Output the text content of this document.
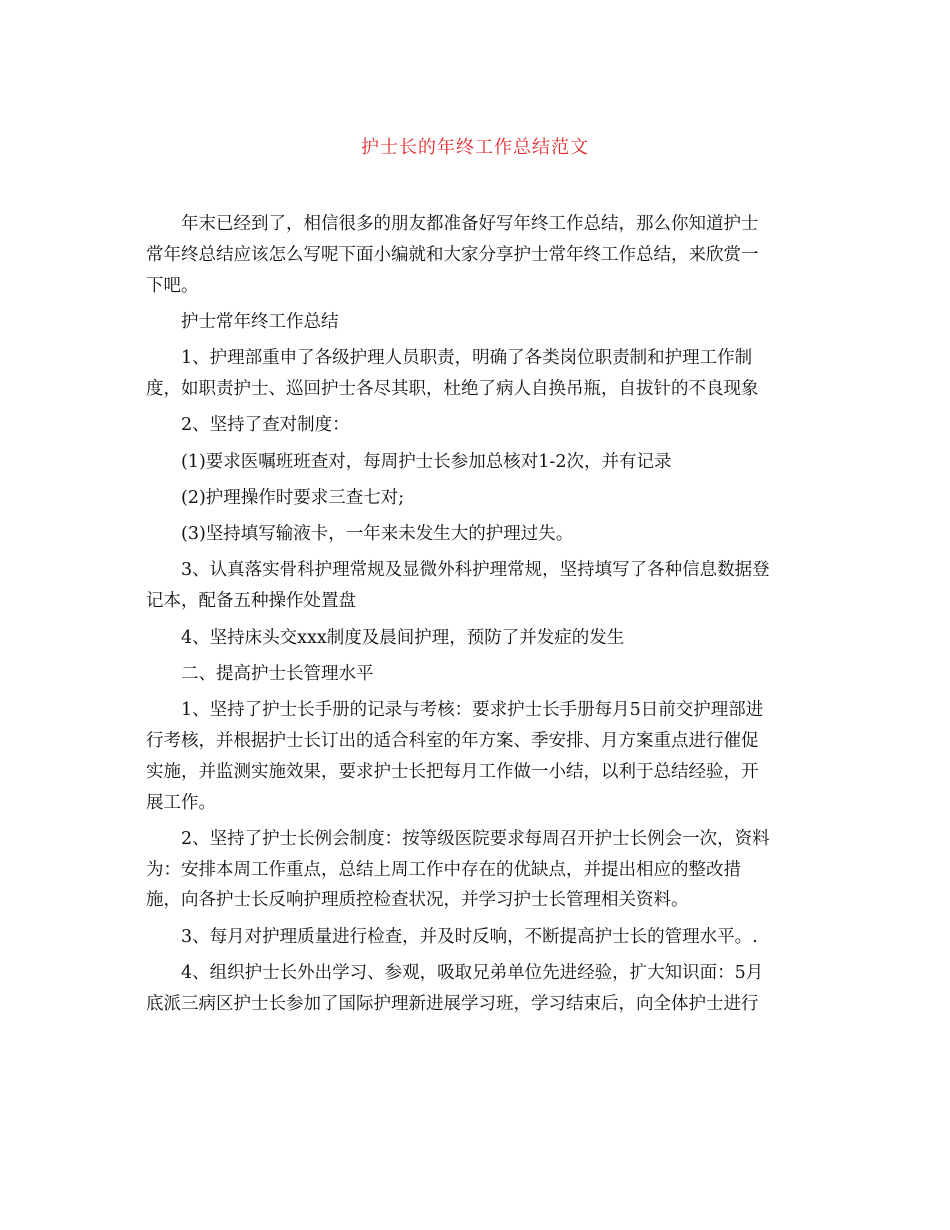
护士长的年终工作总结范文
年末已经到了，相信很多的朋友都准备好写年终工作总结，那么你知道护士
常年终总结应该怎么写呢下面小编就和大家分享护士常年终工作总结，来欣赏一
下吧。
护士常年终工作总结
1、护理部重申了各级护理人员职责，明确了各类岗位职责制和护理工作制
度，如职责护士、巡回护士各尽其职，杜绝了病人自换吊瓶，自拔针的不良现象
2、坚持了查对制度：
(1)要求医嘱班班查对，每周护士长参加总核对1-2次，并有记录
(2)护理操作时要求三查七对;
(3)坚持填写输液卡，一年来未发生大的护理过失。
3、认真落实骨科护理常规及显微外科护理常规，坚持填写了各种信息数据登
记本，配备五种操作处置盘
4、坚持床头交xxx制度及晨间护理，预防了并发症的发生
二、提高护士长管理水平
1、坚持了护士长手册的记录与考核：要求护士长手册每月5日前交护理部进
行考核，并根据护士长订出的适合科室的年方案、季安排、月方案重点进行催促
实施，并监测实施效果，要求护士长把每月工作做一小结，以利于总结经验，开
展工作。
2、坚持了护士长例会制度：按等级医院要求每周召开护士长例会一次，资料
为：安排本周工作重点，总结上周工作中存在的优缺点，并提出相应的整改措
施，向各护士长反响护理质控检查状况，并学习护士长管理相关资料。
3、每月对护理质量进行检查，并及时反响，不断提高护士长的管理水平。.
4、组织护士长外出学习、参观，吸取兄弟单位先进经验，扩大知识面：5月
底派三病区护士长参加了国际护理新进展学习班，学习结束后，向全体护士进行
